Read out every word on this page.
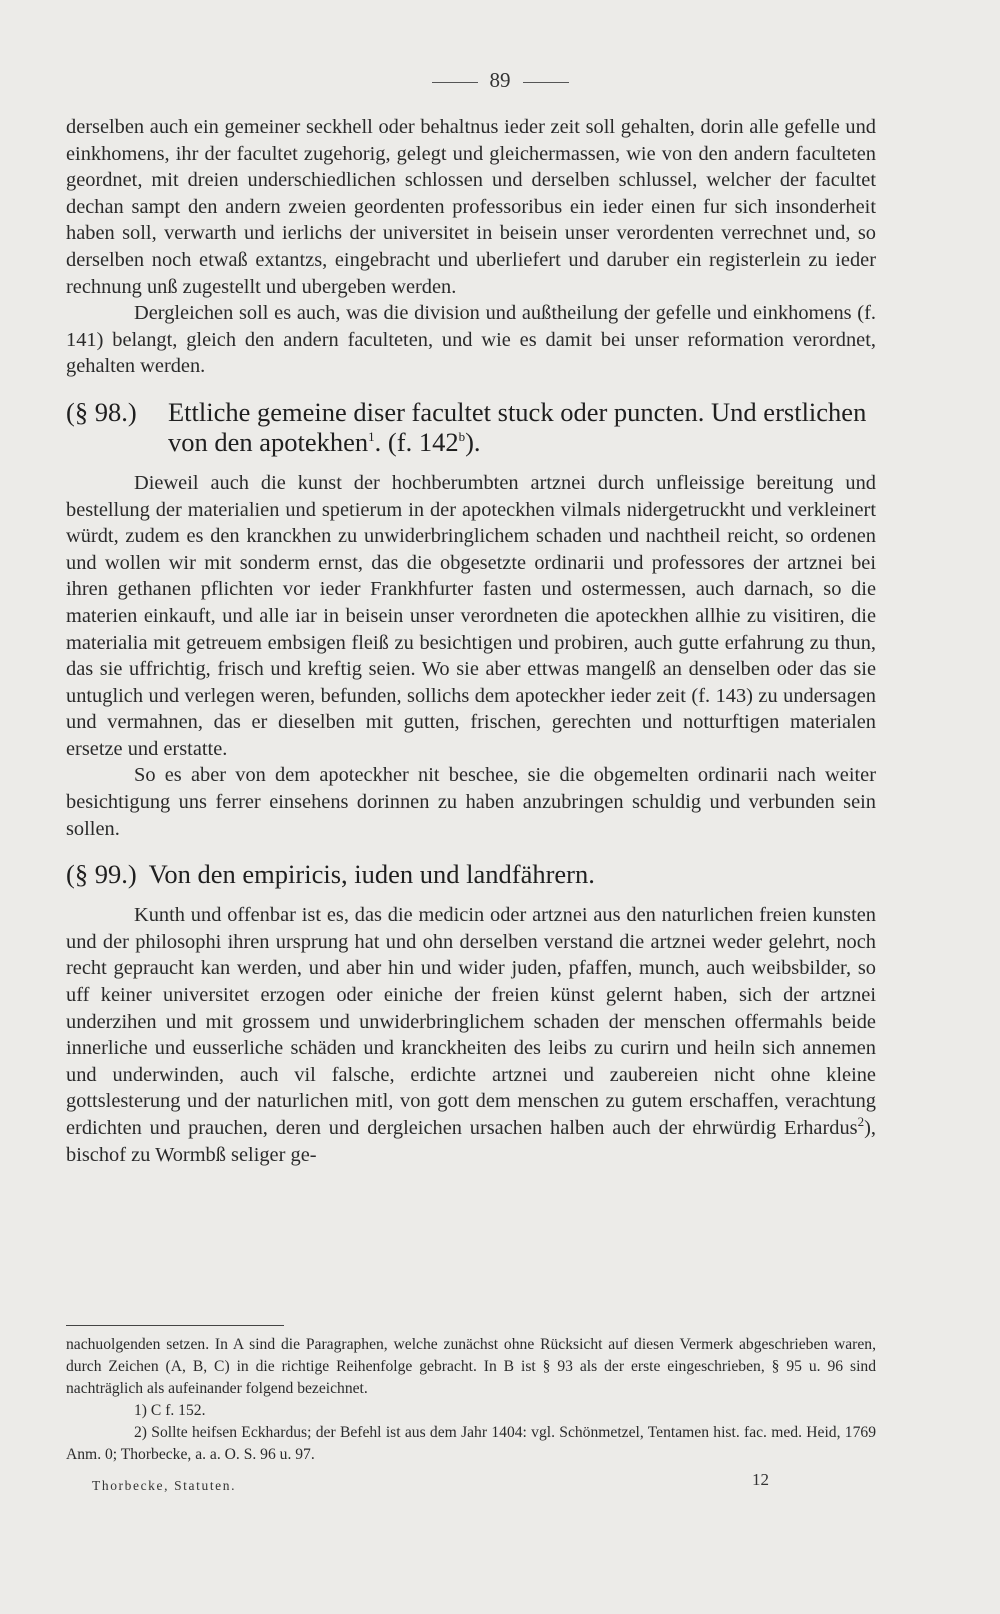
89

derselben auch ein gemeiner seckhell oder behaltnus ieder zeit soll gehalten, dorin alle gefelle und einkhomens, ihr der facultet zugehorig, gelegt und gleichermassen, wie von den andern faculteten geordnet, mit dreien underschiedlichen schlossen und derselben schlussel, welcher der facultet dechan sampt den andern zweien geordenten professoribus ein ieder einen fur sich insonderheit haben soll, verwarth und ierlichs der universitet in beisein unser verordenten verrechnet und, so derselben noch etwaß extantzs, eingebracht und uberliefert und daruber ein registerlein zu ieder rechnung unß zugestellt und ubergeben werden.

Dergleichen soll es auch, was die division und außtheilung der gefelle und einkhomens (f. 141) belangt, gleich den andern faculteten, und wie es damit bei unser reformation verordnet, gehalten werden.

(§ 98.)	Ettliche gemeine diser facultet stuck oder puncten. Und erstlichen von den apotekhen$^1$. (f. 142$^b$).

Dieweil auch die kunst der hochberumbten artznei durch unfleissige bereitung und bestellung der materialien und spetierum in der apoteckhen vilmals nidergetruckht und verkleinert würdt, zudem es den kranckhen zu unwiderbringlichem schaden und nachtheil reicht, so ordenen und wollen wir mit sonderm ernst, das die obgesetzte ordinarii und professores der artznei bei ihren gethanen pflichten vor ieder Frankhfurter fasten und ostermessen, auch darnach, so die materien einkauft, und alle iar in beisein unser verordneten die apoteckhen allhie zu visitiren, die materialia mit getreuem embsigen fleiß zu besichtigen und probiren, auch gutte erfahrung zu thun, das sie uffrichtig, frisch und kreftig seien. Wo sie aber ettwas mangelß an denselben oder das sie untuglich und verlegen weren, befunden, sollichs dem apoteckher ieder zeit (f. 143) zu undersagen und vermahnen, das er dieselben mit gutten, frischen, gerechten und notturftigen materialen ersetze und erstatte.

So es aber von dem apoteckher nit beschee, sie die obgemelten ordinarii nach weiter besichtigung uns ferrer einsehens dorinnen zu haben anzubringen schuldig und verbunden sein sollen.

(§ 99.) Von den empiricis, iuden und landfährern.

Kunth und offenbar ist es, das die medicin oder artznei aus den naturlichen freien kunsten und der philosophi ihren ursprung hat und ohn derselben verstand die artznei weder gelehrt, noch recht gepraucht kan werden, und aber hin und wider juden, pfaffen, munch, auch weibsbilder, so uff keiner universitet erzogen oder einiche der freien künst gelernt haben, sich der artznei underzihen und mit grossem und unwiderbringlichem schaden der menschen offermahls beide innerliche und eusserliche schäden und kranckheiten des leibs zu curirn und heiln sich annemen und underwinden, auch vil falsche, erdichte artznei und zaubereien nicht ohne kleine gottslesterung und der naturlichen mitl, von gott dem menschen zu gutem erschaffen, verachtung erdichten und prauchen, deren und dergleichen ursachen halben auch der ehrwürdig Erhardus$^2$), bischof zu Wormbß seliger ge-

nachuolgenden setzen. In A sind die Paragraphen, welche zunächst ohne Rücksicht auf diesen Vermerk abgeschrieben waren, durch Zeichen (A, B, C) in die richtige Reihenfolge gebracht. In B ist § 93 als der erste eingeschrieben, § 95 u. 96 sind nachträglich als aufeinander folgend bezeichnet.

1) C f. 152.

2) Sollte heifsen Eckhardus; der Befehl ist aus dem Jahr 1404: vgl. Schönmetzel, Tentamen hist. fac. med. Heid, 1769 Anm. 0; Thorbecke, a. a. O. S. 96 u. 97.

Thorbecke, Statuten.	12
